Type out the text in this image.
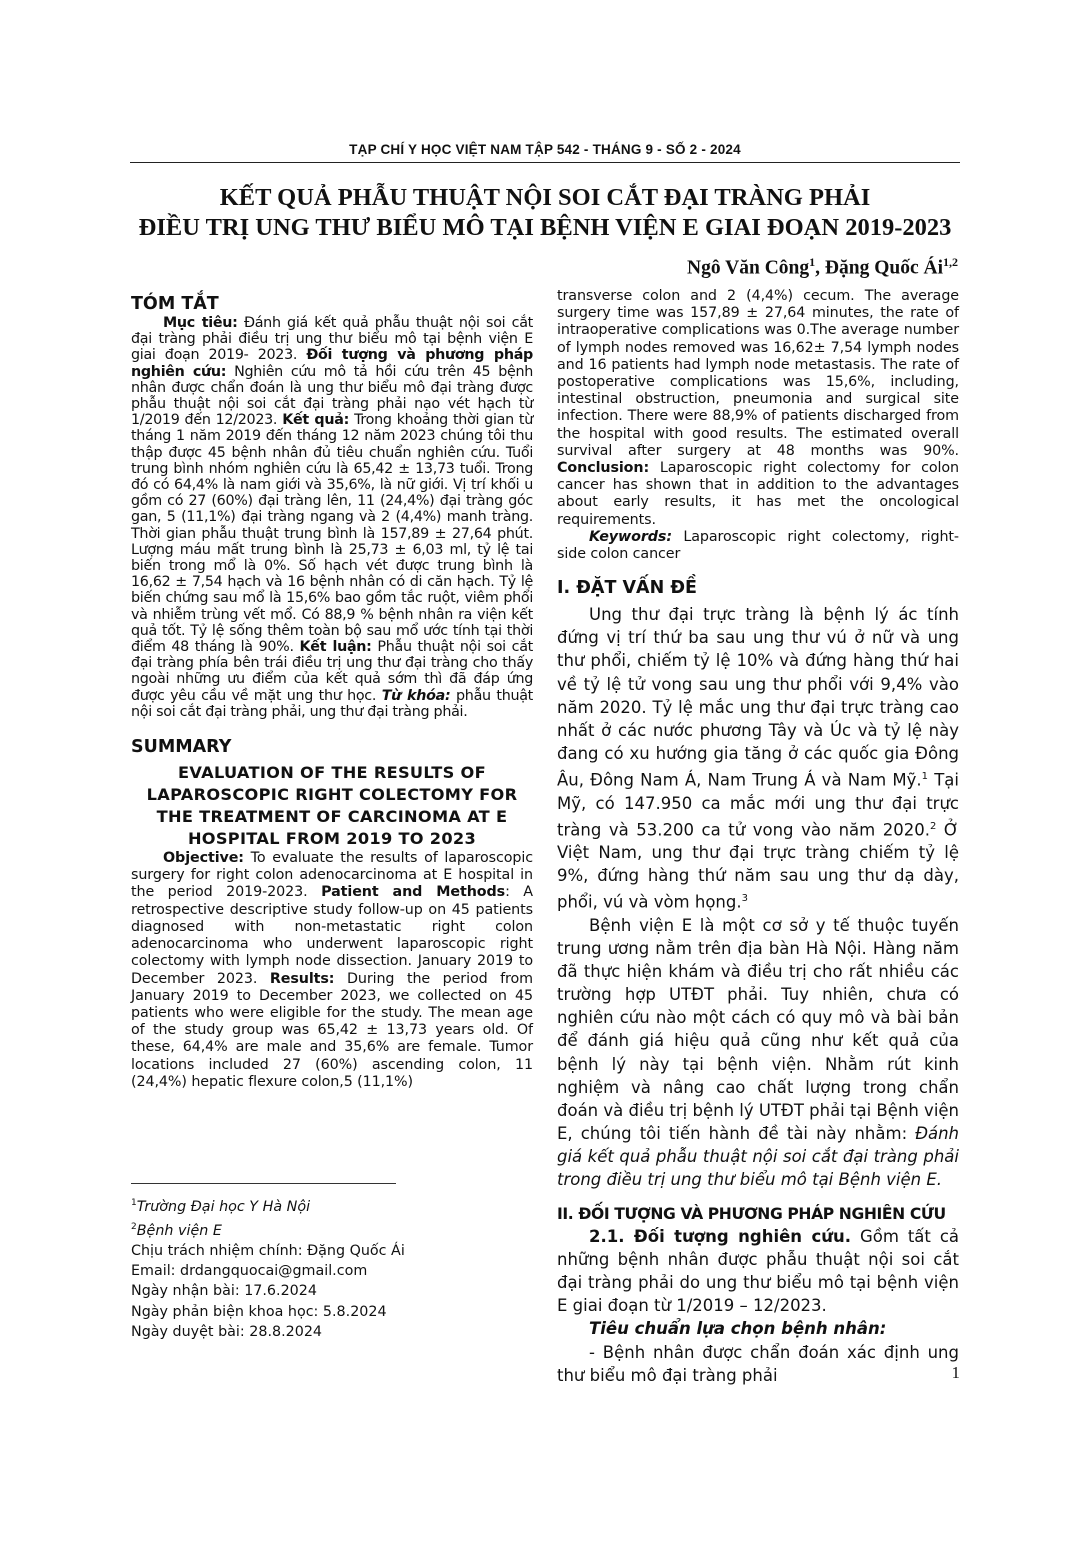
TẠP CHÍ Y HỌC VIỆT NAM TẬP 542 - THÁNG 9 - SỐ 2 - 2024
KẾT QUẢ PHẪU THUẬT NỘI SOI CẮT ĐẠI TRÀNG PHẢI
ĐIỀU TRỊ UNG THƯ BIỂU MÔ TẠI BỆNH VIỆN E GIAI ĐOẠN 2019-2023
Ngô Văn Công$^1$, Đặng Quốc Ái$^{1,2}$
TÓM TẮT

Mục tiêu: Đánh giá kết quả phẫu thuật nội soi cắt đại tràng phải điều trị ung thư biểu mô tại bệnh viện E giai đoạn 2019- 2023. Đối tượng và phương pháp nghiên cứu: Nghiên cứu mô tả hồi cứu trên 45 bệnh nhân được chẩn đoán là ung thư biểu mô đại tràng được phẫu thuật nội soi cắt đại tràng phải nạo vét hạch từ 1/2019 đến 12/2023. Kết quả: Trong khoảng thời gian từ tháng 1 năm 2019 đến tháng 12 năm 2023 chúng tôi thu thập được 45 bệnh nhân đủ tiêu chuẩn nghiên cứu. Tuổi trung bình nhóm nghiên cứu là 65,42 ± 13,73 tuổi. Trong đó có 64,4% là nam giới và 35,6%, là nữ giới. Vị trí khối u gồm có 27 (60%) đại tràng lên, 11 (24,4%) đại tràng góc gan, 5 (11,1%) đại tràng ngang và 2 (4,4%) manh tràng. Thời gian phẫu thuật trung bình là 157,89 ± 27,64 phút. Lượng máu mất trung bình là 25,73 ± 6,03 ml, tỷ lệ tai biến trong mổ là 0%. Số hạch vét được trung bình là 16,62 ± 7,54 hạch và 16 bệnh nhân có di căn hạch. Tỷ lệ biến chứng sau mổ là 15,6% bao gồm tắc ruột, viêm phổi và nhiễm trùng vết mổ. Có 88,9 % bệnh nhân ra viện kết quả tốt. Tỷ lệ sống thêm toàn bộ sau mổ ước tính tại thời điểm 48 tháng là 90%. Kết luận: Phẫu thuật nội soi cắt đại tràng phía bên trái điều trị ung thư đại tràng cho thấy ngoài những ưu điểm của kết quả sớm thì đã đáp ứng được yêu cầu về mặt ung thư học. Từ khóa: phẫu thuật nội soi cắt đại tràng phải, ung thư đại tràng phải.

SUMMARY
EVALUATION OF THE RESULTS OF LAPAROSCOPIC RIGHT COLECTOMY FOR THE TREATMENT OF CARCINOMA AT E HOSPITAL FROM 2019 TO 2023

Objective: To evaluate the results of laparoscopic surgery for right colon adenocarcinoma at E hospital in the period 2019-2023. Patient and Methods: A retrospective descriptive study follow-up on 45 patients diagnosed with non-metastatic right colon adenocarcinoma who underwent laparoscopic right colectomy with lymph node dissection. January 2019 to December 2023. Results: During the period from January 2019 to December 2023, we collected on 45 patients who were eligible for the study. The mean age of the study group was 65,42 ± 13,73 years old. Of these, 64,4% are male and 35,6% are female. Tumor locations included 27 (60%) ascending colon, 11 (24,4%) hepatic flexure colon,5 (11,1%)

$^1$Trường Đại học Y Hà Nội
$^2$Bệnh viện E
Chịu trách nhiệm chính: Đặng Quốc Ái
Email: drdangquocai@gmail.com
Ngày nhận bài: 17.6.2024
Ngày phản biện khoa học: 5.8.2024
Ngày duyệt bài: 28.8.2024

transverse colon and 2 (4,4%) cecum. The average surgery time was 157,89 ± 27,64 minutes, the rate of intraoperative complications was 0.The average number of lymph nodes removed was 16,62± 7,54 lymph nodes and 16 patients had lymph node metastasis. The rate of postoperative complications was 15,6%, including, intestinal obstruction, pneumonia and surgical site infection. There were 88,9% of patients discharged from the hospital with good results. The estimated overall survival after surgery at 48 months was 90%. Conclusion: Laparoscopic right colectomy for colon cancer has shown that in addition to the advantages about early results, it has met the oncological requirements.

Keywords: Laparoscopic right colectomy, right-side colon cancer

I. ĐẶT VẤN ĐỀ

Ung thư đại trực tràng là bệnh lý ác tính đứng vị trí thứ ba sau ung thư vú ở nữ và ung thư phổi, chiếm tỷ lệ 10% và đứng hàng thứ hai về tỷ lệ tử vong sau ung thư phổi với 9,4% vào năm 2020. Tỷ lệ mắc ung thư đại trực tràng cao nhất ở các nước phương Tây và Úc và tỷ lệ này đang có xu hướng gia tăng ở các quốc gia Đông Âu, Đông Nam Á, Nam Trung Á và Nam Mỹ.$^1$ Tại Mỹ, có 147.950 ca mắc mới ung thư đại trực tràng và 53.200 ca tử vong vào năm 2020.$^2$ Ở Việt Nam, ung thư đại trực tràng chiếm tỷ lệ 9%, đứng hàng thứ năm sau ung thư dạ dày, phổi, vú và vòm họng.$^3$

Bệnh viện E là một cơ sở y tế thuộc tuyến trung ương nằm trên địa bàn Hà Nội. Hàng năm đã thực hiện khám và điều trị cho rất nhiều các trường hợp UTĐT phải. Tuy nhiên, chưa có nghiên cứu nào một cách có quy mô và bài bản để đánh giá hiệu quả cũng như kết quả của bệnh lý này tại bệnh viện. Nhằm rút kinh nghiệm và nâng cao chất lượng trong chẩn đoán và điều trị bệnh lý UTĐT phải tại Bệnh viện E, chúng tôi tiến hành đề tài này nhằm: Đánh giá kết quả phẫu thuật nội soi cắt đại tràng phải trong điều trị ung thư biểu mô tại Bệnh viện E.

II. ĐỐI TƯỢNG VÀ PHƯƠNG PHÁP NGHIÊN CỨU

2.1. Đối tượng nghiên cứu. Gồm tất cả những bệnh nhân được phẫu thuật nội soi cắt đại tràng phải do ung thư biểu mô tại bệnh viện E giai đoạn từ 1/2019 – 12/2023.

Tiêu chuẩn lựa chọn bệnh nhân:

- Bệnh nhân được chẩn đoán xác định ung thư biểu mô đại tràng phải	1
